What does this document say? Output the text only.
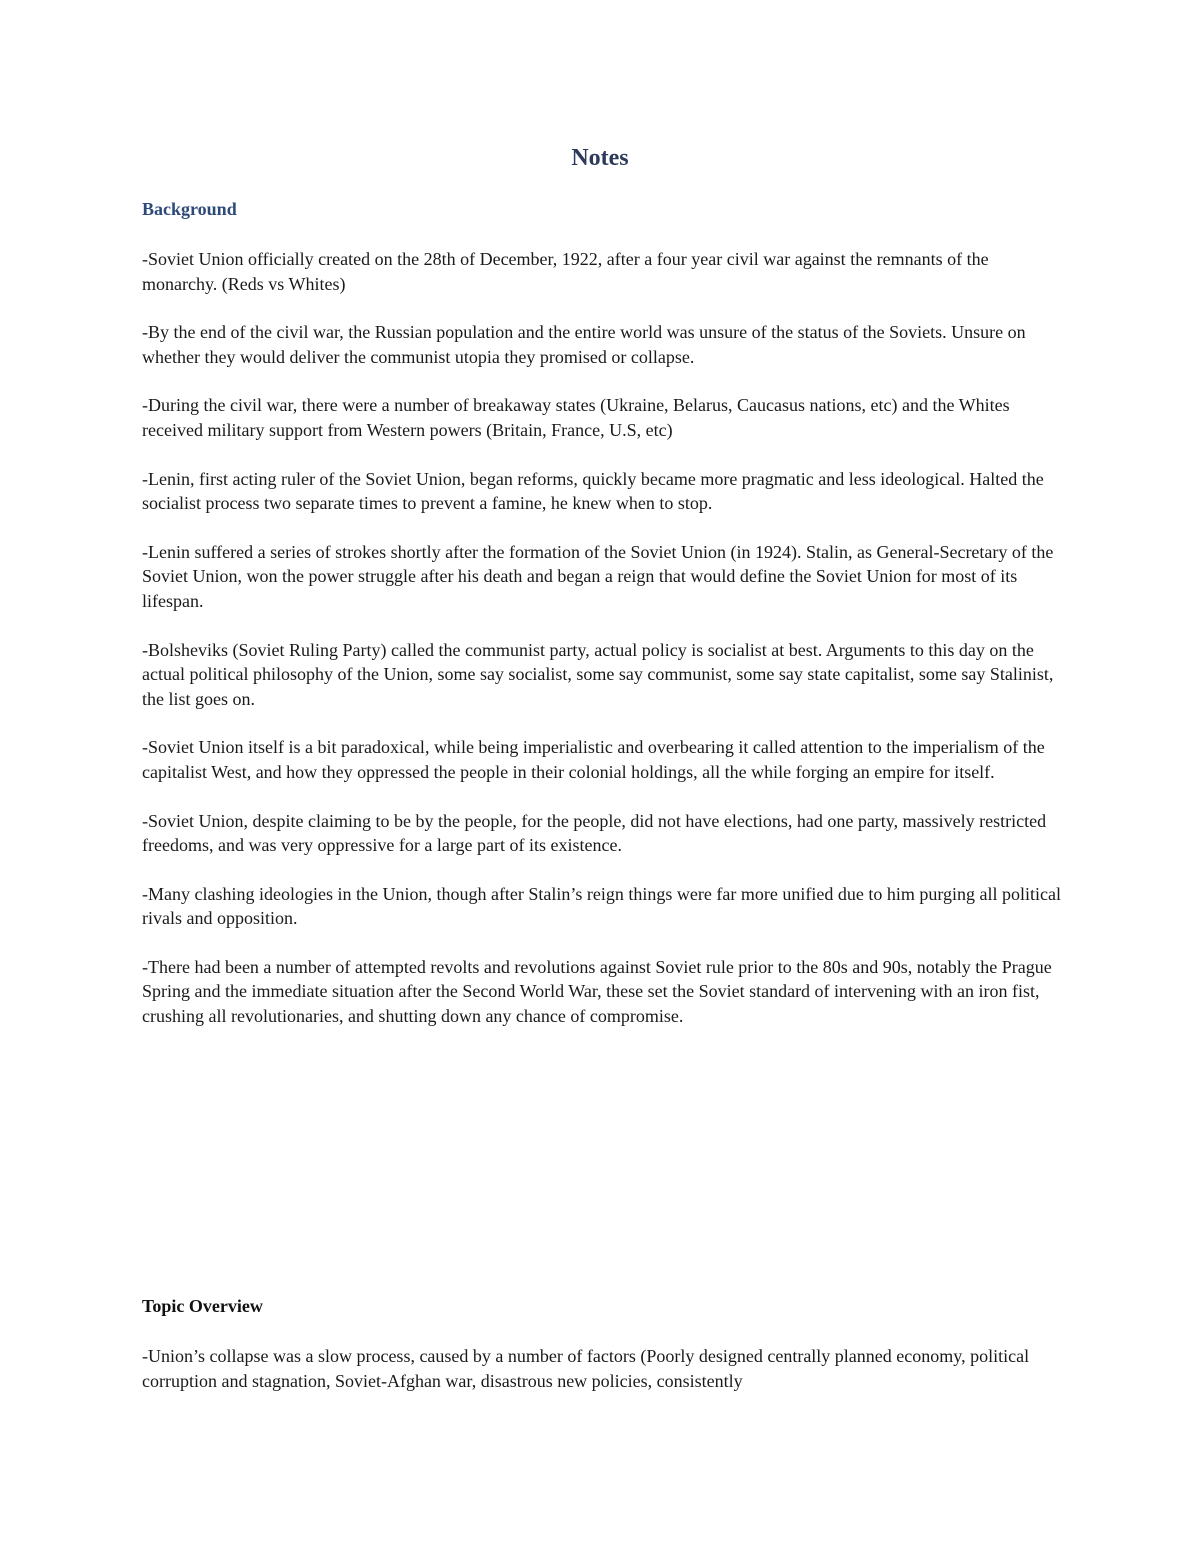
Notes
Background

-Soviet Union officially created on the 28th of December, 1922, after a four year civil war against the remnants of the monarchy. (Reds vs Whites)

-By the end of the civil war, the Russian population and the entire world was unsure of the status of the Soviets. Unsure on whether they would deliver the communist utopia they promised or collapse.

-During the civil war, there were a number of breakaway states (Ukraine, Belarus, Caucasus nations, etc) and the Whites received military support from Western powers (Britain, France, U.S, etc)

-Lenin, first acting ruler of the Soviet Union, began reforms, quickly became more pragmatic and less ideological. Halted the socialist process two separate times to prevent a famine, he knew when to stop.

-Lenin suffered a series of strokes shortly after the formation of the Soviet Union (in 1924). Stalin, as General-Secretary of the Soviet Union, won the power struggle after his death and began a reign that would define the Soviet Union for most of its lifespan.

-Bolsheviks (Soviet Ruling Party) called the communist party, actual policy is socialist at best. Arguments to this day on the actual political philosophy of the Union, some say socialist, some say communist, some say state capitalist, some say Stalinist, the list goes on.

-Soviet Union itself is a bit paradoxical, while being imperialistic and overbearing it called attention to the imperialism of the capitalist West, and how they oppressed the people in their colonial holdings, all the while forging an empire for itself.

-Soviet Union, despite claiming to be by the people, for the people, did not have elections, had one party, massively restricted freedoms, and was very oppressive for a large part of its existence.

-Many clashing ideologies in the Union, though after Stalin’s reign things were far more unified due to him purging all political rivals and opposition.

-There had been a number of attempted revolts and revolutions against Soviet rule prior to the 80s and 90s, notably the Prague Spring and the immediate situation after the Second World War, these set the Soviet standard of intervening with an iron fist, crushing all revolutionaries, and shutting down any chance of compromise.

Topic Overview

-Union’s collapse was a slow process, caused by a number of factors (Poorly designed centrally planned economy, political corruption and stagnation, Soviet-Afghan war, disastrous new policies, consistently
